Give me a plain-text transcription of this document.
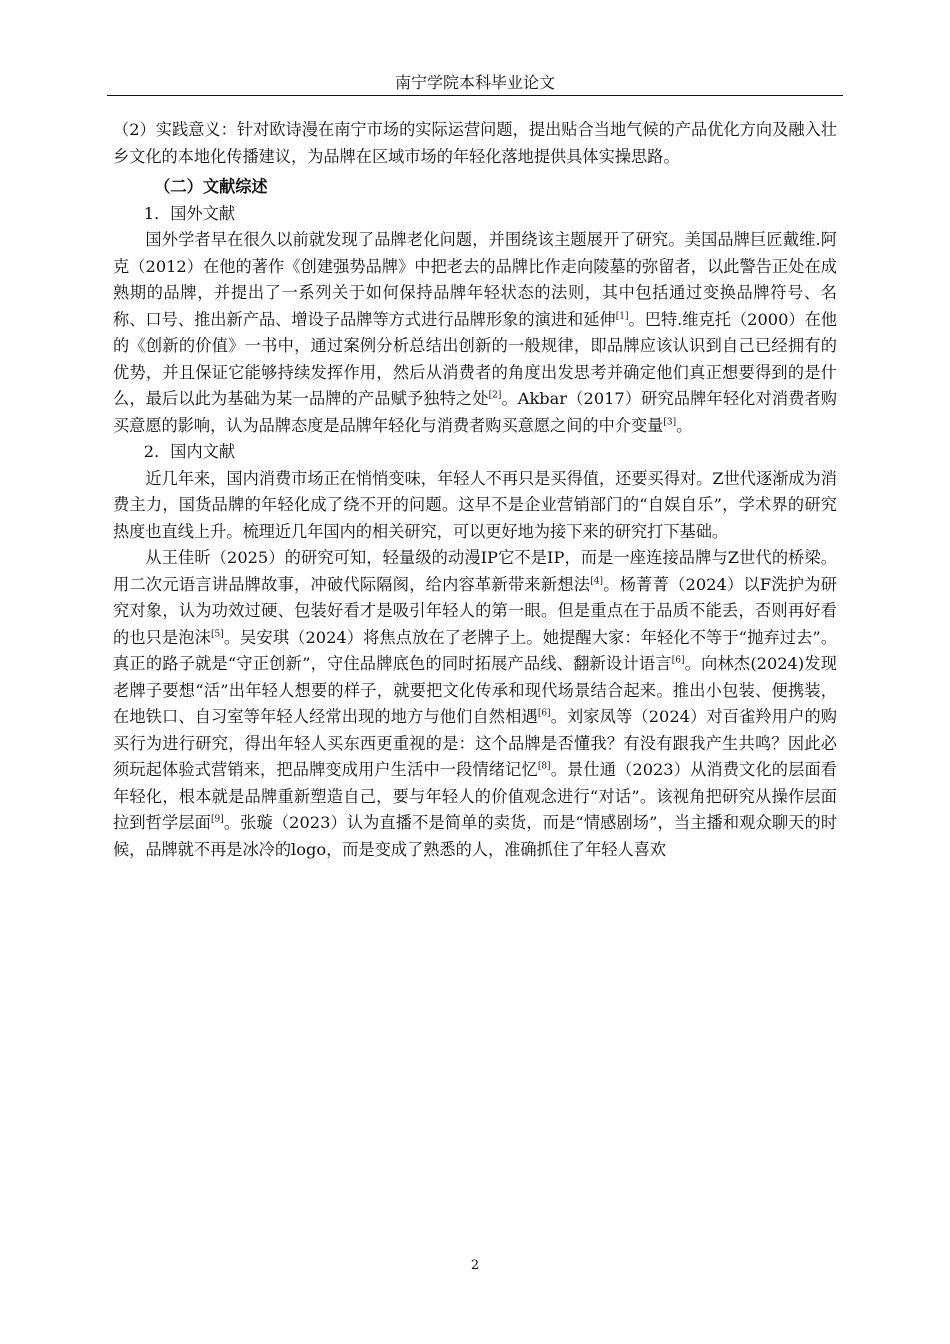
南宁学院本科毕业论文

（2）实践意义：针对欧诗漫在南宁市场的实际运营问题，提出贴合当地气候的产品优化方向及融入壮乡文化的本地化传播建议，为品牌在区域市场的年轻化落地提供具体实操思路。

（二）文献综述

1．国外文献

国外学者早在很久以前就发现了品牌老化问题，并围绕该主题展开了研究。美国品牌巨匠戴维.阿克（2012）在他的著作《创建强势品牌》中把老去的品牌比作走向陵墓的弥留者，以此警告正处在成熟期的品牌，并提出了一系列关于如何保持品牌年轻状态的法则，其中包括通过变换品牌符号、名称、口号、推出新产品、增设子品牌等方式进行品牌形象的演进和延伸[1]。巴特.维克托（2000）在他的《创新的价值》一书中，通过案例分析总结出创新的一般规律，即品牌应该认识到自己已经拥有的优势，并且保证它能够持续发挥作用，然后从消费者的角度出发思考并确定他们真正想要得到的是什么，最后以此为基础为某一品牌的产品赋予独特之处[2]。Akbar（2017）研究品牌年轻化对消费者购买意愿的影响，认为品牌态度是品牌年轻化与消费者购买意愿之间的中介变量[3]。

2．国内文献

近几年来，国内消费市场正在悄悄变味，年轻人不再只是买得值，还要买得对。Z世代逐渐成为消费主力，国货品牌的年轻化成了绕不开的问题。这早不是企业营销部门的“自娱自乐”，学术界的研究热度也直线上升。梳理近几年国内的相关研究，可以更好地为接下来的研究打下基础。

从王佳昕（2025）的研究可知，轻量级的动漫IP它不是IP，而是一座连接品牌与Z世代的桥梁。用二次元语言讲品牌故事，冲破代际隔阂，给内容革新带来新想法[4]。杨菁菁（2024）以F洗护为研究对象，认为功效过硬、包装好看才是吸引年轻人的第一眼。但是重点在于品质不能丢，否则再好看的也只是泡沫[5]。吴安琪（2024）将焦点放在了老牌子上。她提醒大家：年轻化不等于“抛弃过去”。真正的路子就是“守正创新”，守住品牌底色的同时拓展产品线、翻新设计语言[6]。向林杰(2024)发现老牌子要想“活”出年轻人想要的样子，就要把文化传承和现代场景结合起来。推出小包装、便携装，在地铁口、自习室等年轻人经常出现的地方与他们自然相遇[6]。刘家凤等（2024）对百雀羚用户的购买行为进行研究，得出年轻人买东西更重视的是：这个品牌是否懂我？有没有跟我产生共鸣？因此必须玩起体验式营销来，把品牌变成用户生活中一段情绪记忆[8]。景仕通（2023）从消费文化的层面看年轻化，根本就是品牌重新塑造自己，要与年轻人的价值观念进行“对话”。该视角把研究从操作层面拉到哲学层面[9]。张璇（2023）认为直播不是简单的卖货，而是“情感剧场”，当主播和观众聊天的时候，品牌就不再是冰冷的logo，而是变成了熟悉的人，准确抓住了年轻人喜欢

2
